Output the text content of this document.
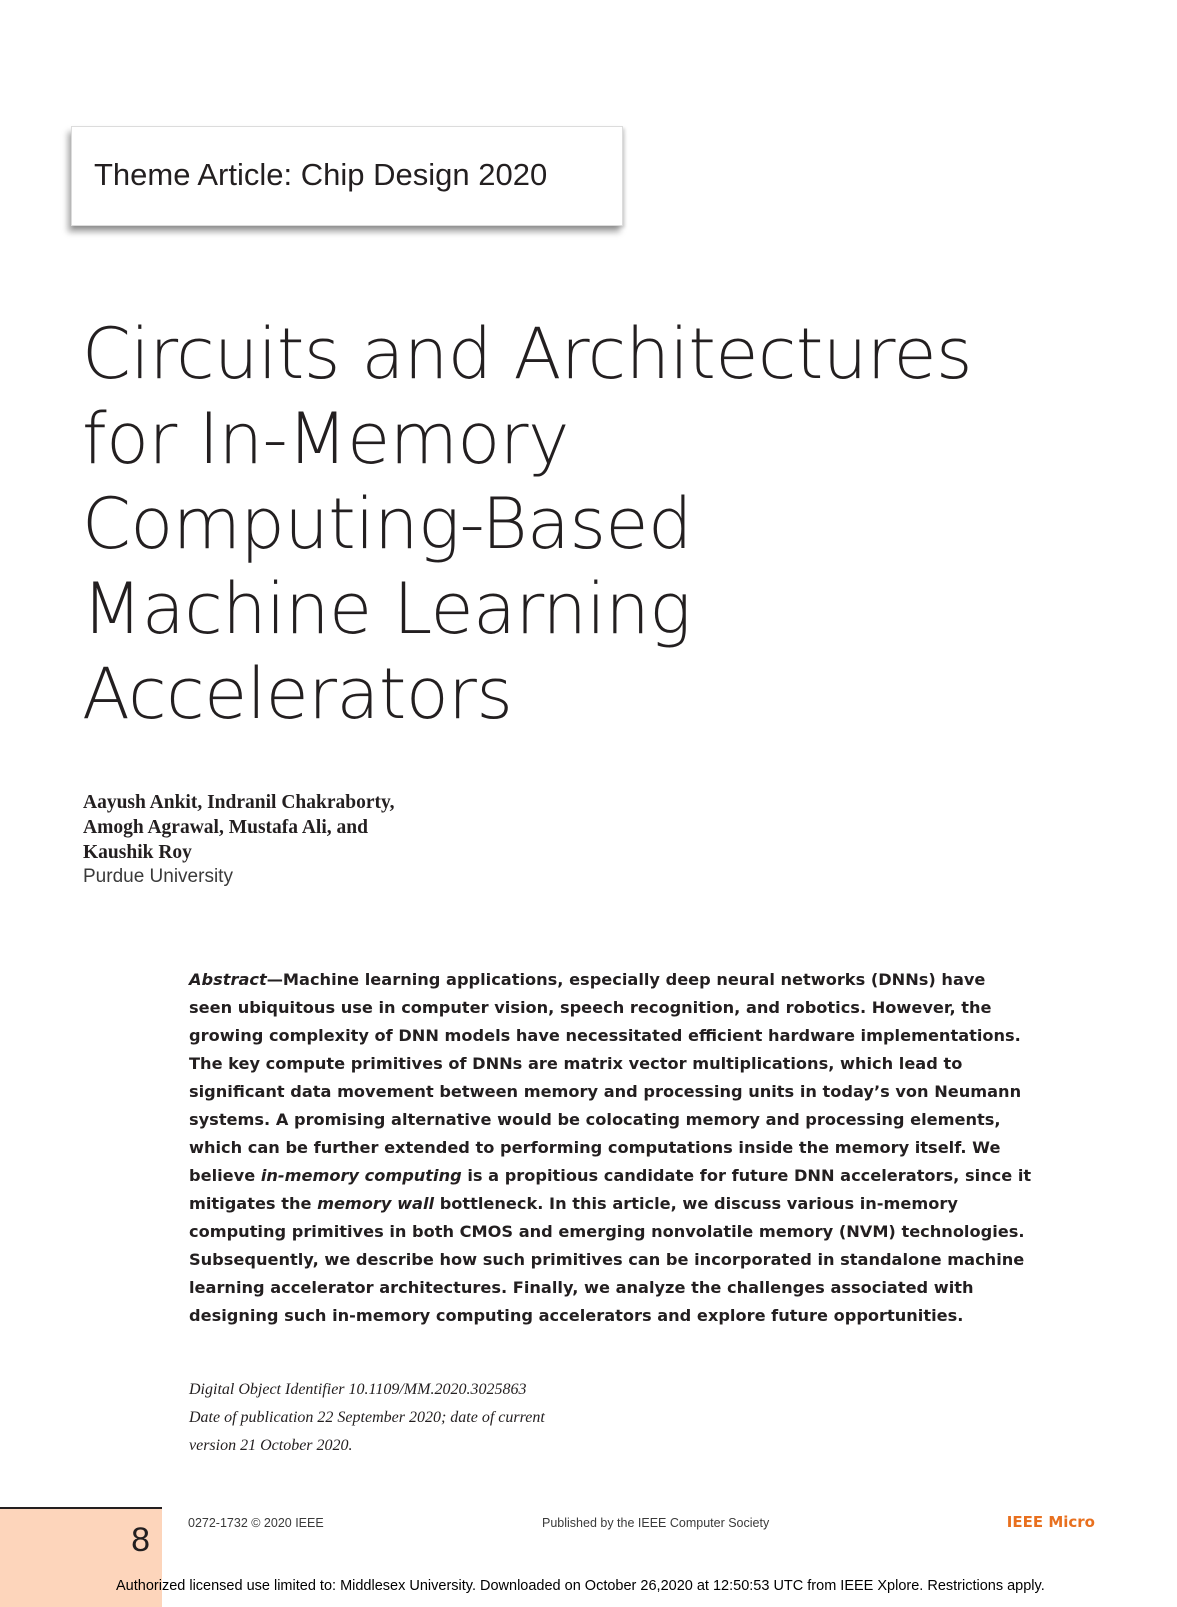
Theme Article: Chip Design 2020
Circuits and Architectures
for In-Memory
Computing-Based
Machine Learning
Accelerators
Aayush Ankit, Indranil Chakraborty,
Amogh Agrawal, Mustafa Ali, and
Kaushik Roy
Purdue University
Abstract—Machine learning applications, especially deep neural networks (DNNs) have
seen ubiquitous use in computer vision, speech recognition, and robotics. However, the
growing complexity of DNN models have necessitated efficient hardware implementations.
The key compute primitives of DNNs are matrix vector multiplications, which lead to
significant data movement between memory and processing units in today’s von Neumann
systems. A promising alternative would be colocating memory and processing elements,
which can be further extended to performing computations inside the memory itself. We
believe in-memory computing is a propitious candidate for future DNN accelerators, since it
mitigates the memory wall bottleneck. In this article, we discuss various in-memory
computing primitives in both CMOS and emerging nonvolatile memory (NVM) technologies.
Subsequently, we describe how such primitives can be incorporated in standalone machine
learning accelerator architectures. Finally, we analyze the challenges associated with
designing such in-memory computing accelerators and explore future opportunities.
Digital Object Identifier 10.1109/MM.2020.3025863
Date of publication 22 September 2020; date of current
version 21 October 2020.
8	0272-1732 © 2020 IEEE	Published by the IEEE Computer Society	IEEE Micro
Authorized licensed use limited to: Middlesex University. Downloaded on October 26,2020 at 12:50:53 UTC from IEEE Xplore. Restrictions apply.
